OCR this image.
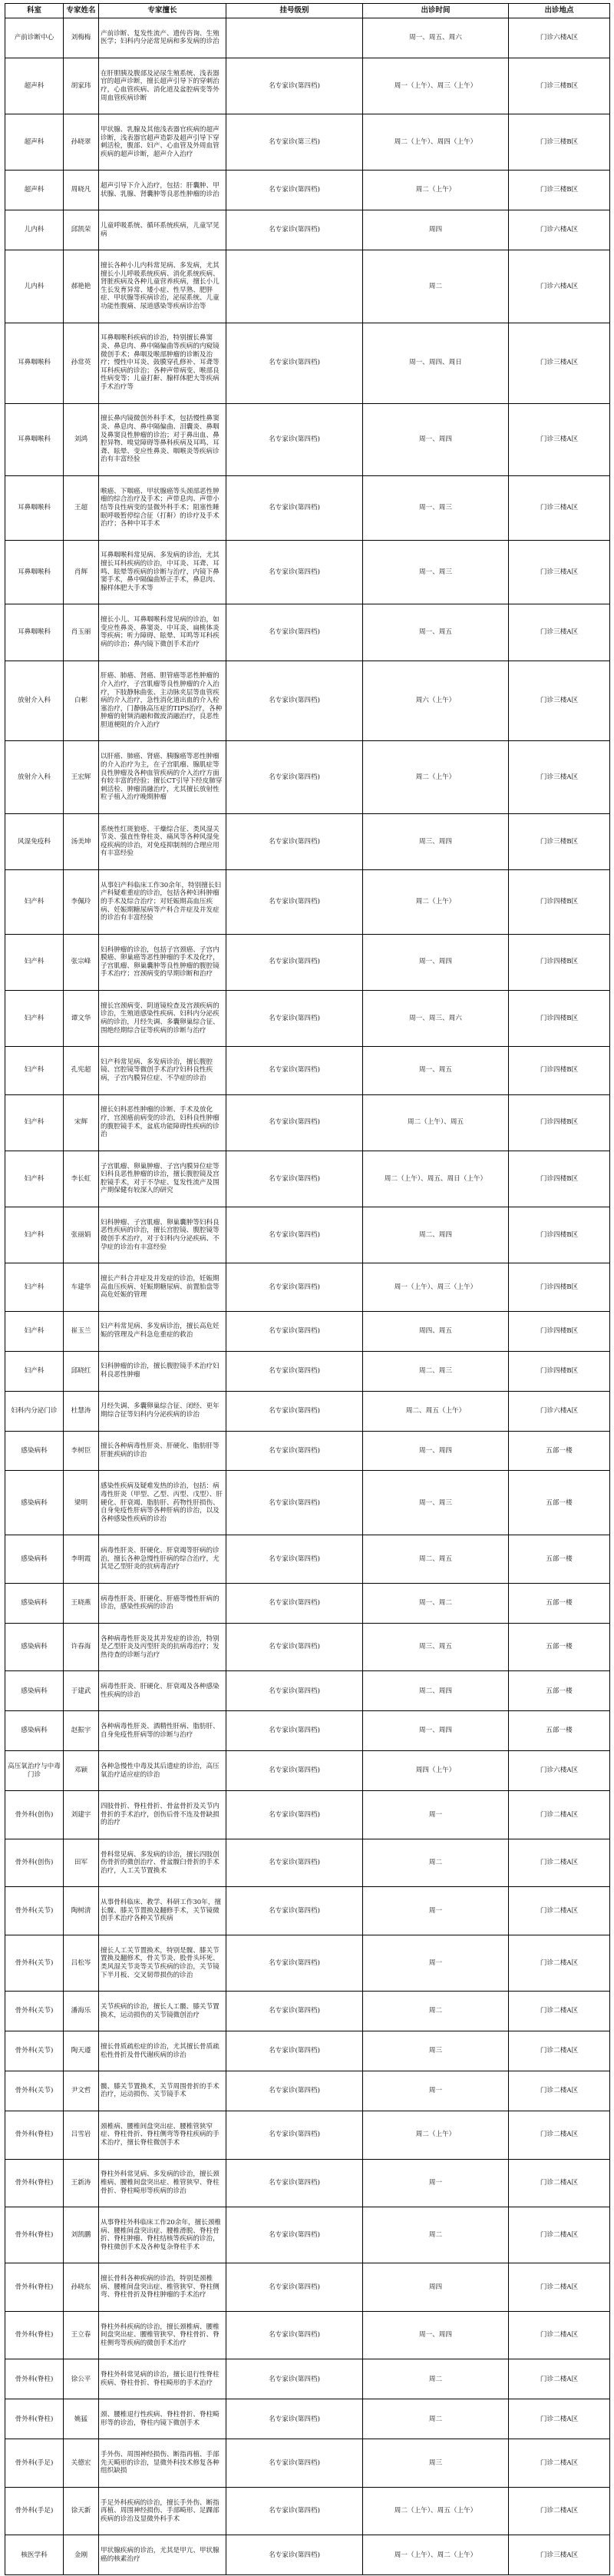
科室	专家姓名	专家擅长	挂号级别	出诊时间	出诊地点
产前诊断中心	刘梅梅	产前诊断、复发性流产、遗传咨询、生殖医学；妇科内分泌常见病和多发病的诊治		周一、周五、周六	门诊六楼A区
超声科	胡家玮	在肝胆胰及腹部及泌尿生殖系统、浅表器官的超声诊断，擅长超声引导下的穿刺治疗，心血管疾病、消化道及盆腔病变等外周血管疾病诊断	名专家诊(第四档)	周一（上午）、周三（上午）	门诊三楼B区
超声科	孙晓翠	甲状腺、乳腺及其他浅表器官疾病的超声诊断，浅表器官超声造影及超声引导下穿刺活检，腹部、妇产、心血管及外周血管疾病的超声诊断，超声介入治疗	名专家诊(第三档)	周二（上午）、周四（上午）	门诊三楼B区
超声科	周晓凡	超声引导下介入治疗，包括：肝囊肿、甲状腺、乳腺、肾囊肿等良恶性肿瘤的诊治	名专家诊(第四档)	周二（上午）	门诊三楼B区
儿内科	邱凯荣	儿童呼吸系统、循环系统疾病，儿童罕见病	名专家诊(第四档)	周四	门诊六楼A区
儿内科	郝艳艳	擅长各种小儿内科常见病、多发病，尤其擅长小儿呼吸系统疾病、消化系统疾病、肾脏疾病及各种儿童营养疾病，擅长小儿生长发育异常、矮小症、性早熟、肥胖症、甲状腺等疾病诊治，泌尿系统、儿童功能性腹痛、尿道感染等疾病诊治等		周二	门诊六楼A区
耳鼻咽喉科	孙常英	耳鼻咽喉科疾病的诊治，特别擅长鼻窦炎、鼻息肉、鼻中隔偏曲等疾病的内窥镜微创手术；鼻咽及喉部肿瘤的诊断及治疗；慢性中耳炎、鼓膜穿孔修补、耳聋等耳科疾病的诊治；各种声带病变、喉部良性病变等；儿童打鼾、腺样体肥大等疾病手术治疗等	名专家诊(第四档)	周一、周四、周日	门诊三楼A区
耳鼻咽喉科	刘鸿	擅长鼻内镜微创外科手术，包括慢性鼻窦炎、鼻息肉、鼻中隔偏曲、泪囊炎、鼻咽及鼻窦良性肿瘤的诊治；对于鼻出血、鼻腔异物、嗅觉障碍等鼻科疾病及耳鸣、耳聋、眩晕、变应性鼻炎、咽喉炎等疾病诊治有丰富经验	名专家诊(第四档)	周一、周四	门诊三楼A区
耳鼻咽喉科	王超	喉癌、下咽癌、甲状腺癌等头颈部恶性肿瘤的综合治疗及手术；声带息肉、声带小结等良性病变的显微外科手术；阻塞性睡眠呼吸暂停综合征（打鼾）的诊疗及手术治疗；各种中耳手术	名专家诊(第四档)	周一、周三	门诊三楼A区
耳鼻咽喉科	肖辉	耳鼻咽喉科常见病、多发病的诊治，尤其擅长耳科疾病的诊治，中耳炎、耳聋、耳鸣、眩晕等疾病的诊断与治疗，内镜下鼻窦手术，鼻中隔偏曲矫正手术，鼻息肉、腺样体肥大手术等	名专家诊(第四档)	周一、周三	门诊三楼A区
耳鼻咽喉科	肖玉丽	擅长小儿、耳鼻咽喉科常见病的诊治，如变应性鼻炎、鼻窦炎、中耳炎、扁桃体炎等疾病；听力障碍、眩晕、耳鸣等耳科疾病的诊治；鼻内镜下微创手术治疗	名专家诊(第四档)	周一、周五	门诊三楼A区
放射介入科	白彬	肝癌、肺癌、肾癌、胆管癌等恶性肿瘤的介入治疗，子宫肌瘤等良性肿瘤的介入治疗，下肢静脉曲张、主动脉夹层等血管疾病的介入治疗，急性消化道出血的介入栓塞治疗，门静脉高压症的TIPS治疗，各种肿瘤的射频消融和微波消融治疗，良恶性胆道梗阻的介入治疗	名专家诊(第四档)	周六（上午）	门诊三楼A区
放射介入科	王宏辉	以肝癌、肺癌、肾癌、胰腺癌等恶性肿瘤的介入治疗为主，在子宫肌瘤、腺肌症等良性肿瘤及各种血管疾病的介入治疗方面有较丰富的经验；擅长CT引导下经皮肺穿刺活检、肿瘤消融治疗，尤其擅长放射性粒子植入治疗晚期肿瘤	名专家诊(第四档)	周二（上午）	门诊三楼A区
风湿免疫科	汤美坤	系统性红斑狼疮、干燥综合征、类风湿关节炎、强直性脊柱炎、痛风等各种风湿免疫疾病的诊治，对免疫抑制剂的合理应用有丰富经验	名专家诊(第四档)	周三、周四	门诊三楼B区
妇产科	李佩玲	从事妇产科临床工作30余年，特别擅长妇产科疑难重症的诊治，包括各种妇科肿瘤的手术及综合治疗；对妊娠期高血压疾病、妊娠期糖尿病等产科合并症及并发症的诊治有丰富经验	名专家诊(第四档)	周二（上午）	门诊四楼B区
妇产科	张宗峰	妇科肿瘤的诊治，包括子宫颈癌、子宫内膜癌、卵巢癌等恶性肿瘤的手术及化疗，子宫肌瘤、卵巢囊肿等良性肿瘤的腹腔镜手术治疗；宫颈病变的早期诊断和治疗	名专家诊(第四档)	周一、周四	门诊四楼B区
妇产科	谭文华	擅长宫颈病变、阴道镜检查及宫颈疾病的诊治，生殖道感染性疾病、妇科内分泌疾病的诊治，月经失调、多囊卵巢综合征、围绝经期综合征等疾病的诊断与治疗	名专家诊(第四档)	周一、周三、周六	门诊四楼B区
妇产科	孔宪超	妇产科常见病、多发病诊治，擅长腹腔镜、宫腔镜等微创手术治疗妇科良性疾病，子宫内膜异位症、不孕症的诊治	名专家诊(第四档)	周一、周五	门诊四楼B区
妇产科	宋辉	擅长妇科恶性肿瘤的诊断、手术及放化疗，宫颈癌前病变的诊治，妇科良性肿瘤的腹腔镜手术，盆底功能障碍性疾病的诊治	名专家诊(第四档)	周二（上午）、周五	门诊四楼B区
妇产科	李长虹	子宫肌瘤、卵巢肿瘤、子宫内膜异位症等妇科良恶性肿瘤的诊治，擅长腹腔镜及宫腔镜手术，对于不孕症、复发性流产及围产期保健有较深入的研究	名专家诊(第四档)	周二（上午）、周五、周日（上午）	门诊四楼B区
妇产科	张丽娟	妇科肿瘤、子宫肌瘤、卵巢囊肿等妇科良恶性疾病的诊治，擅长宫腔镜、腹腔镜等微创手术治疗，对于妇科内分泌疾病、不孕症的诊治有丰富经验	名专家诊(第四档)	周二、周四	门诊四楼B区
妇产科	车建华	擅长产科合并症及并发症的诊治，妊娠期高血压疾病、妊娠期糖尿病、前置胎盘等高危妊娠的管理	名专家诊(第四档)	周一（上午）、周三（上午）	门诊四楼B区
妇产科	崔玉兰	妇产科常见病、多发病诊治，擅长高危妊娠的管理及产科急危重症的救治	名专家诊(第四档)	周四、周五	门诊四楼B区
妇产科	邱晓红	妇科肿瘤的诊治，擅长腹腔镜手术治疗妇科良恶性肿瘤	名专家诊(第四档)	周二、周三	门诊四楼B区
妇科内分泌门诊	杜慧涛	月经失调、多囊卵巢综合征、闭经、更年期综合征等妇科内分泌疾病的诊治	名专家诊(第四档)	周二、周五（上午）	门诊六楼A区
感染病科	李树臣	擅长各种病毒性肝炎、肝硬化、脂肪肝等肝脏疾病的诊治	名专家诊(第四档)	周一、周四	五部一楼
感染病科	梁明	感染性疾病及疑难发热的诊治，包括：病毒性肝炎（甲型、乙型、丙型、戊型）、肝硬化、肝衰竭、脂肪肝、药物性肝损伤、自身免疫性肝病等各种肝病的诊治，以及各种感染性疾病的诊治	名专家诊(第四档)	周一、周三	五部一楼
感染病科	李明霞	病毒性肝炎、肝硬化、肝衰竭等肝病的诊治，擅长各种急慢性肝病的综合治疗，尤其是乙型肝炎的抗病毒治疗	名专家诊(第四档)	周二、周五	五部一楼
感染病科	王晓燕	病毒性肝炎、肝硬化、肝癌等慢性肝病的诊治，感染性疾病的诊治	名专家诊(第四档)	周一、周二	五部一楼
感染病科	许春海	各种病毒性肝炎及其并发症的诊治，特别是乙型肝炎及丙型肝炎的抗病毒治疗；发热待查的诊断与治疗	名专家诊(第四档)	周三、周五	五部一楼
感染病科	于建武	病毒性肝炎、肝硬化、肝衰竭及各种感染性疾病的诊治	名专家诊(第四档)	周二、周四	五部一楼
感染病科	赵振宇	各种病毒性肝炎、酒精性肝病、脂肪肝、自身免疫性肝病等的诊断与治疗	名专家诊(第四档)	周一、周四	五部一楼
高压氧治疗与中毒门诊	邓颖	各种急慢性中毒及其后遗症的诊治，高压氧治疗适应症的诊治	名专家诊(第四档)	周四（上午）	门诊六楼A区
骨外科(创伤)	刘建宇	四肢骨折、脊柱骨折、骨盆骨折及关节内骨折的手术治疗，创伤后骨不连及骨缺损的治疗	名专家诊(第四档)	周一	门诊二楼A区
骨外科(创伤)	田军	骨科常见病、多发病的诊治，擅长四肢创伤骨折的微创治疗、骨盆髋臼骨折的手术治疗，人工关节置换术	名专家诊(第四档)	周二	门诊二楼A区
骨外科(关节)	陶树清	从事骨科临床、教学、科研工作30年，擅长髋、膝关节置换及翻修手术，关节镜微创手术治疗各种关节疾病	名专家诊(第四档)	周一	门诊二楼A区
骨外科(关节)	吕松岑	擅长人工关节置换术，特别是髋、膝关节置换及翻修术，骨关节炎、股骨头坏死、类风湿关节炎等关节疾病的诊治，关节镜下半月板、交叉韧带损伤的诊治	名专家诊(第四档)	周一	门诊二楼A区
骨外科(关节)	潘海乐	关节疾病的诊治，擅长人工髋、膝关节置换术，运动损伤的关节镜微创治疗	名专家诊(第四档)	周二	门诊二楼A区
骨外科(关节)	陶天遵	擅长骨质疏松症的诊治，尤其擅长骨质疏松性骨折及骨代谢疾病的诊治	名专家诊(第四档)	周三	门诊二楼A区
骨外科(关节)	尹文哲	髋、膝关节置换术，关节周围骨折的手术治疗，运动损伤、关节镜手术	名专家诊(第四档)	周一	门诊二楼A区
骨外科(脊柱)	吕雪岩	颈椎病、腰椎间盘突出症、腰椎管狭窄症、脊柱骨折、脊柱侧弯等脊柱疾病的手术治疗，擅长脊柱微创手术	名专家诊(第四档)	周二（上午）	门诊二楼A区
骨外科(脊柱)	王新涛	脊柱外科常见病、多发病的诊治，擅长颈椎病、腰椎间盘突出症、椎管狭窄、脊柱骨折、脊柱畸形等疾病的诊治	名专家诊(第四档)	周一	门诊二楼A区
骨外科(脊柱)	刘凯鹏	从事脊柱外科临床工作20余年，擅长颈椎病、腰椎间盘突出症、腰椎滑脱、脊柱骨折、脊柱肿瘤、脊柱结核等疾病的诊治，脊柱微创手术及各种复杂脊柱手术	名专家诊(第四档)	周二	门诊二楼A区
骨外科(脊柱)	孙晓东	擅长骨科各种疾病的诊治，特别是颈椎病、腰椎间盘突出症、椎管狭窄、脊柱侧弯、脊柱骨折及脊柱肿瘤的手术治疗	名专家诊(第四档)	周四	门诊二楼A区
骨外科(脊柱)	王立春	脊柱外科疾病的诊治，擅长颈椎病、腰椎间盘突出症、腰椎管狭窄、脊柱骨折、脊柱侧弯等疾病的微创手术治疗	名专家诊(第四档)	周一、周四	门诊二楼A区
骨外科(脊柱)	徐公平	脊柱外科常见病的诊治，擅长退行性脊柱疾病、脊柱骨折、脊柱畸形的手术治疗	名专家诊(第四档)	周二	门诊二楼A区
骨外科(脊柱)	姚猛	颈、腰椎退行性疾病、脊柱骨折、脊柱畸形等的诊治，脊柱内镜下微创手术	名专家诊(第四档)	周二	门诊二楼A区
骨外科(手足)	关德宏	手外伤、周围神经损伤、断指再植、手部先天畸形的诊治，显微外科技术修复各种组织缺损	名专家诊(第四档)	周三	门诊二楼A区
骨外科(手足)	徐天新	手足外科疾病的诊治，擅长手外伤、断指再植、周围神经损伤、手部畸形、足踝部疾病的诊治及显微外科手术	名专家诊(第四档)	周二（上午）、周五（上午）	门诊二楼A区
核医学科	金刚	甲状腺疾病的诊治，尤其是甲亢、甲状腺癌的核素治疗	名专家诊(第四档)	周一（上午）、周二（上午）	门诊三楼A区
